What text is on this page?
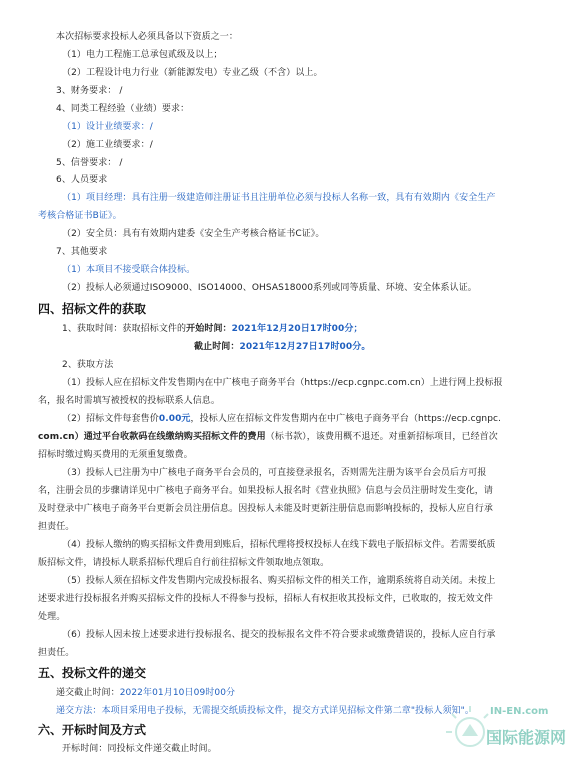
本次招标要求投标人必须具备以下资质之一：
（1）电力工程施工总承包贰级及以上；
（2）工程设计电力行业（新能源发电）专业乙级（不含）以上。
3、财务要求： /
4、同类工程经验（业绩）要求：
（1）设计业绩要求：/
（2）施工业绩要求：/
5、信誉要求： /
6、人员要求
（1）项目经理：具有注册一级建造师注册证书且注册单位必须与投标人名称一致，具有有效期内《安全生产
考核合格证书B证》。
（2）安全员：具有有效期内建委《安全生产考核合格证书C证》。
7、其他要求
（1）本项目不接受联合体投标。
（2）投标人必须通过ISO9000、ISO14000、OHSAS18000系列或同等质量、环境、安全体系认证。
四、招标文件的获取
1、获取时间：获取招标文件的开始时间：2021年12月20日17时00分；
截止时间：2021年12月27日17时00分。
2、获取方法
（1）投标人应在招标文件发售期内在中广核电子商务平台（https://ecp.cgnpc.com.cn）上进行网上投标报
名，报名时需填写被授权的投标联系人信息。
（2）招标文件每套售价0.00元，投标人应在招标文件发售期内在中广核电子商务平台（https://ecp.cgnpc.
com.cn）通过平台收款码在线缴纳购买招标文件的费用（标书款），该费用概不退还。对重新招标项目，已经首次
招标时缴过购买费用的无须重复缴费。
（3）投标人已注册为中广核电子商务平台会员的，可直接登录报名，否则需先注册为该平台会员后方可报
名，注册会员的步骤请详见中广核电子商务平台。如果投标人报名时《营业执照》信息与会员注册时发生变化，请
及时登录中广核电子商务平台更新会员注册信息。因投标人未能及时更新注册信息而影响投标的，投标人应自行承
担责任。
（4）投标人缴纳的购买招标文件费用到账后，招标代理将授权投标人在线下载电子版招标文件。若需要纸质
版招标文件，请投标人联系招标代理后自行前往招标文件领取地点领取。
（5）投标人须在招标文件发售期内完成投标报名、购买招标文件的相关工作，逾期系统将自动关闭。未按上
述要求进行投标报名并购买招标文件的投标人不得参与投标，招标人有权拒收其投标文件，已收取的，按无效文件
处理。
（6）投标人因未按上述要求进行投标报名、提交的投标报名文件不符合要求或缴费错误的，投标人应自行承
担责任。
五、投标文件的递交
递交截止时间：2022年01月10日09时00分
递交方法：本项目采用电子投标，无需提交纸质投标文件，提交方式详见招标文件第二章"投标人须知"。
六、开标时间及方式
开标时间：同投标文件递交截止时间。
IN-EN.com
国际能源网
